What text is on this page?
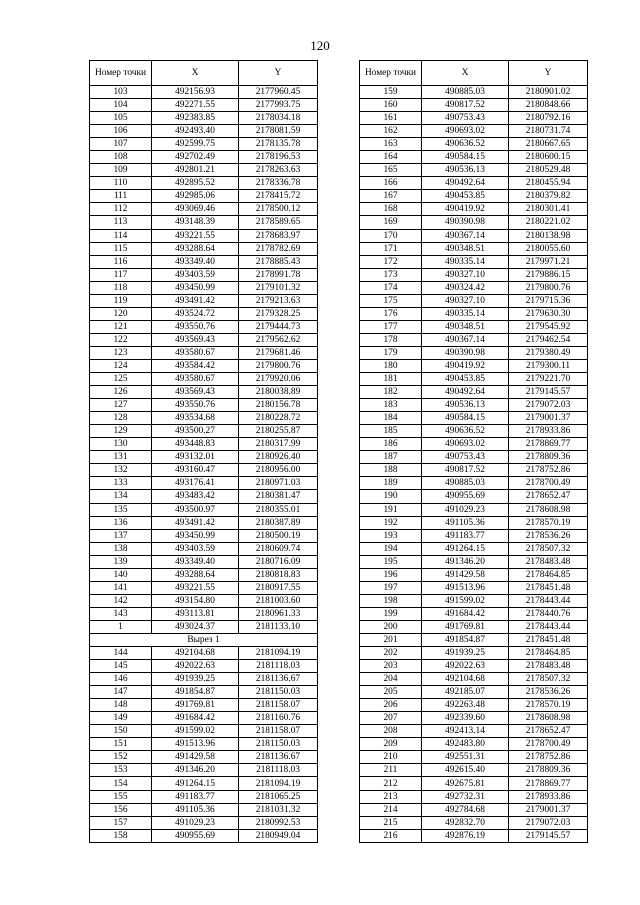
120
Номер точки	X	Y
103	492156.93	2177960.45
104	492271.55	2177993.75
105	492383.85	2178034.18
106	492493.40	2178081.59
107	492599.75	2178135.78
108	492702.49	2178196.53
109	492801.21	2178263.63
110	492895.52	2178336.78
111	492985.06	2178415.72
112	493069.46	2178500.12
113	493148.39	2178589.65
114	493221.55	2178683.97
115	493288.64	2178782.69
116	493349.40	2178885.43
117	493403.59	2178991.78
118	493450.99	2179101.32
119	493491.42	2179213.63
120	493524.72	2179328.25
121	493550.76	2179444.73
122	493569.43	2179562.62
123	493580.67	2179681.46
124	493584.42	2179800.76
125	493580.67	2179920.06
126	493569.43	2180038.89
127	493550.76	2180156.78
128	493534.68	2180228.72
129	493500.27	2180255.87
130	493448.83	2180317.99
131	493132.01	2180926.40
132	493160.47	2180956.00
133	493176.41	2180971.03
134	493483.42	2180381.47
135	493500.97	2180355.01
136	493491.42	2180387.89
137	493450.99	2180500.19
138	493403.59	2180609.74
139	493349.40	2180716.09
140	493288.64	2180818.83
141	493221.55	2180917.55
142	493154.80	2181003.60
143	493113.81	2180961.33
1	493024.37	2181133.10
Вырез 1		
144	492104.68	2181094.19
145	492022.63	2181118.03
146	491939.25	2181136.67
147	491854.87	2181150.03
148	491769.81	2181158.07
149	491684.42	2181160.76
150	491599.02	2181158.07
151	491513.96	2181150.03
152	491429.58	2181136.67
153	491346.20	2181118.03
154	491264.15	2181094.19
155	491183.77	2181065.25
156	491105.36	2181031.32
157	491029.23	2180992.53
158	490955.69	2180949.04
Номер точки	X	Y
159	490885.03	2180901.02
160	490817.52	2180848.66
161	490753.43	2180792.16
162	490693.02	2180731.74
163	490636.52	2180667.65
164	490584.15	2180600.15
165	490536.13	2180529.48
166	490492.64	2180455.94
167	490453.85	2180379.82
168	490419.92	2180301.41
169	490390.98	2180221.02
170	490367.14	2180138.98
171	490348.51	2180055.60
172	490335.14	2179971.21
173	490327.10	2179886.15
174	490324.42	2179800.76
175	490327.10	2179715.36
176	490335.14	2179630.30
177	490348.51	2179545.92
178	490367.14	2179462.54
179	490390.98	2179380.49
180	490419.92	2179300.11
181	490453.85	2179221.70
182	490492.64	2179145.57
183	490536.13	2179072.03
184	490584.15	2179001.37
185	490636.52	2178933.86
186	490693.02	2178869.77
187	490753.43	2178809.36
188	490817.52	2178752.86
189	490885.03	2178700.49
190	490955.69	2178652.47
191	491029.23	2178608.98
192	491105.36	2178570.19
193	491183.77	2178536.26
194	491264.15	2178507.32
195	491346.20	2178483.48
196	491429.58	2178464.85
197	491513.96	2178451.48
198	491599.02	2178443.44
199	491684.42	2178440.76
200	491769.81	2178443.44
201	491854.87	2178451.48
202	491939.25	2178464.85
203	492022.63	2178483.48
204	492104.68	2178507.32
205	492185.07	2178536.26
206	492263.48	2178570.19
207	492339.60	2178608.98
208	492413.14	2178652.47
209	492483.80	2178700.49
210	492551.31	2178752.86
211	492615.40	2178809.36
212	492675.81	2178869.77
213	492732.31	2178933.86
214	492784.68	2179001.37
215	492832.70	2179072.03
216	492876.19	2179145.57
